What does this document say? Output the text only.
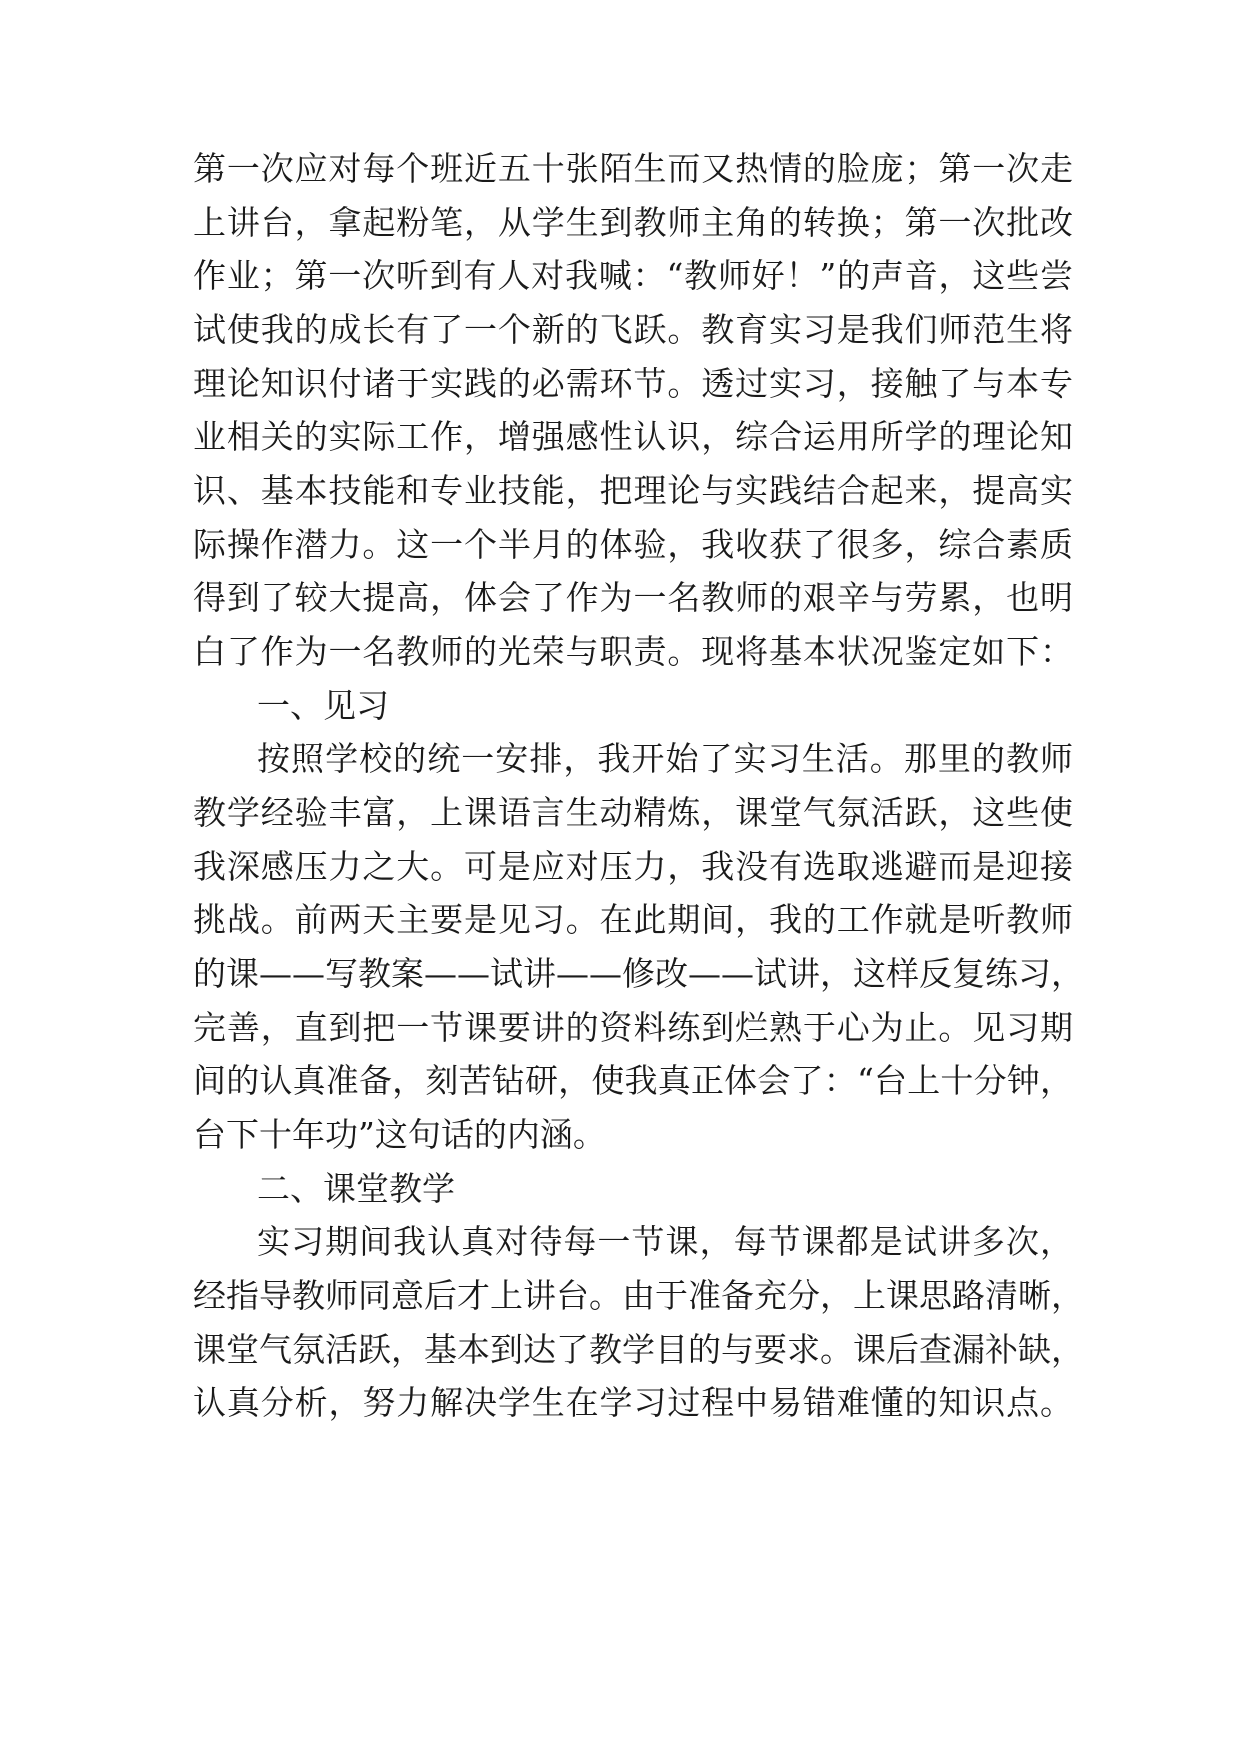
第一次应对每个班近五十张陌生而又热情的脸庞；第一次走
上讲台，拿起粉笔，从学生到教师主角的转换；第一次批改
作业；第一次听到有人对我喊：“教师好！”的声音，这些尝
试使我的成长有了一个新的飞跃。教育实习是我们师范生将
理论知识付诸于实践的必需环节。透过实习，接触了与本专
业相关的实际工作，增强感性认识，综合运用所学的理论知
识、基本技能和专业技能，把理论与实践结合起来，提高实
际操作潜力。这一个半月的体验，我收获了很多，综合素质
得到了较大提高，体会了作为一名教师的艰辛与劳累，也明
白了作为一名教师的光荣与职责。现将基本状况鉴定如下：
一、见习
按照学校的统一安排，我开始了实习生活。那里的教师
教学经验丰富，上课语言生动精炼，课堂气氛活跃，这些使
我深感压力之大。可是应对压力，我没有选取逃避而是迎接
挑战。前两天主要是见习。在此期间，我的工作就是听教师
的课——写教案——试讲——修改——试讲，这样反复练习，
完善，直到把一节课要讲的资料练到烂熟于心为止。见习期
间的认真准备，刻苦钻研，使我真正体会了：“台上十分钟，
台下十年功”这句话的内涵。
二、课堂教学
实习期间我认真对待每一节课，每节课都是试讲多次，
经指导教师同意后才上讲台。由于准备充分，上课思路清晰，
课堂气氛活跃，基本到达了教学目的与要求。课后查漏补缺，
认真分析，努力解决学生在学习过程中易错难懂的知识点。
